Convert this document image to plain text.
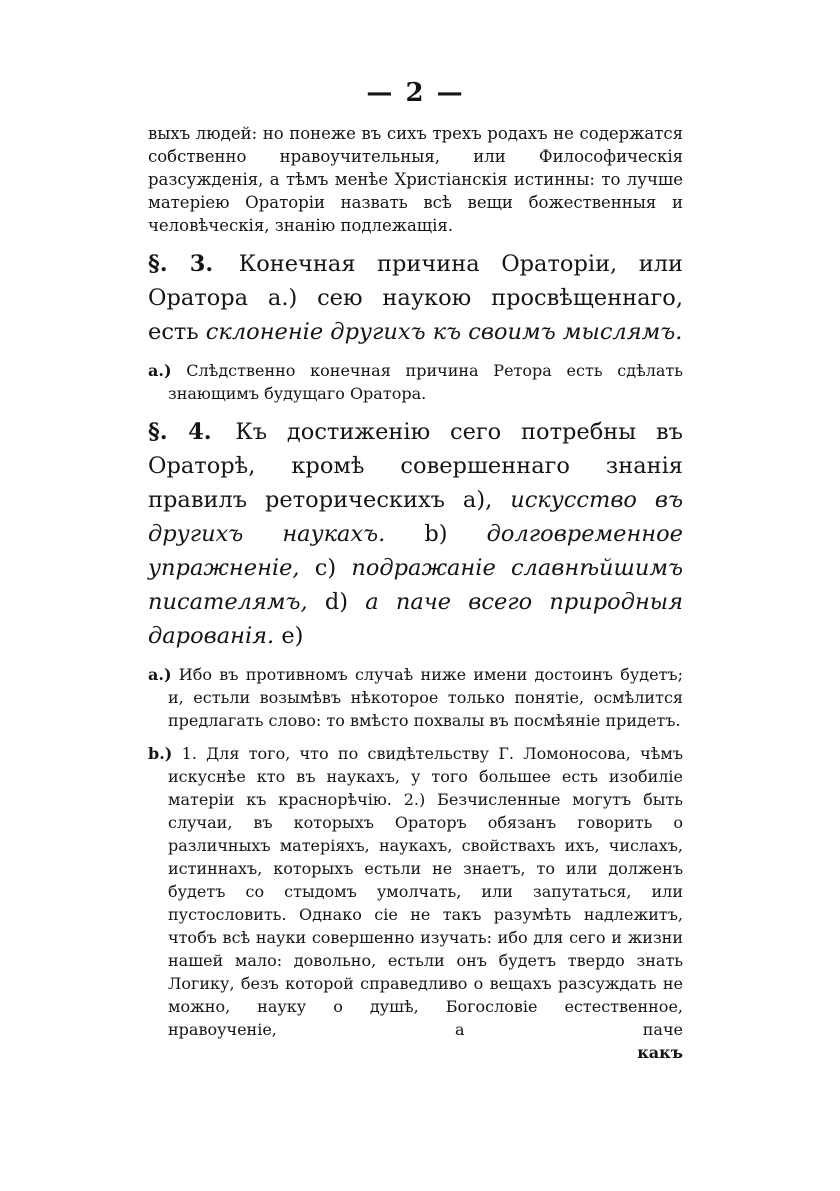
— 2 —
выхъ людей: но понеже въ сихъ трехъ родахъ не содержатся собственно нравоучительныя, или Философическія разсужденія, а тѣмъ менѣе Христіанскія истинны: то лучше матеріею Ораторіи назвать всѣ вещи божественныя и человѣческія, знанію подлежащія.
§. 3. Конечная причина Ораторіи, или Оратора а.) сею наукою просвѣщеннаго, есть склоненіе другихъ къ своимъ мыслямъ.
a.) Слѣдственно конечная причина Ретора есть сдѣлать знающимъ будущаго Оратора.
§. 4. Къ достиженію сего потребны въ Ораторѣ, кромѣ совершеннаго знанія правилъ реторическихъ а), искусство въ другихъ наукахъ. b) долговременное упражненіе, c) подражаніе славнѣйшимъ писателямъ, d) а паче всего природныя дарованія. e)
a.) Ибо въ противномъ случаѣ ниже имени достоинъ будетъ; и, естьли возымѣвъ нѣкоторое только понятіе, осмѣлится предлагать слово: то вмѣсто похвалы въ посмѣяніе придетъ.
b.) 1. Для того, что по свидѣтельству Г. Ломоносова, чѣмъ искуснѣе кто въ наукахъ, у того большее есть изобиліе матеріи къ краснорѣчію. 2.) Безчисленные могутъ быть случаи, въ которыхъ Ораторъ обязанъ говорить о различныхъ матеріяхъ, наукахъ, свойствахъ ихъ, числахъ, истиннахъ, которыхъ естьли не знаетъ, то или долженъ будетъ со стыдомъ умолчать, или запутаться, или пустословить. Однако сіе не такъ разумѣть надлежитъ, чтобъ всѣ науки совершенно изучать: ибо для сего и жизни нашей мало: довольно, естьли онъ будетъ твердо знать Логику, безъ которой справедливо о вещахъ разсуждать не можно, науку о душѣ, Богословіе естественное, нравоученіе, а паче
какъ
